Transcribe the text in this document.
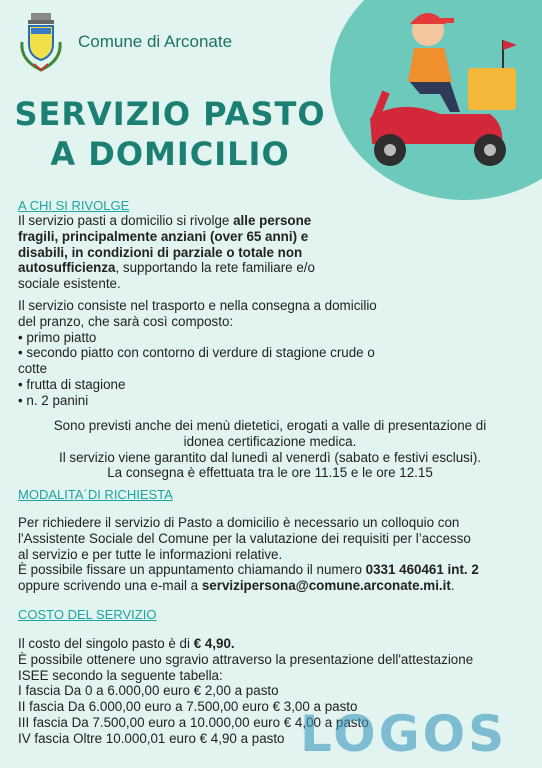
Comune di Arconate
SERVIZIO PASTO
A DOMICILIO
A CHI SI RIVOLGE
Il servizio pasti a domicilio si rivolge alle persone
fragili, principalmente anziani (over 65 anni) e
disabili, in condizioni di parziale o totale non
autosufficienza, supportando la rete familiare e/o
sociale esistente.
Il servizio consiste nel trasporto e nella consegna a domicilio
del pranzo, che sarà così composto:
• primo piatto
• secondo piatto con contorno di verdure di stagione crude o
cotte
• frutta di stagione
• n. 2 panini
Sono previsti anche dei menù dietetici, erogati a valle di presentazione di
idonea certificazione medica.
Il servizio viene garantito dal lunedì al venerdì (sabato e festivi esclusi).
La consegna è effettuata tra le ore 11.15 e le ore 12.15
MODALITA´DI RICHIESTA
Per richiedere il servizio di Pasto a domicilio è necessario un colloquio con
l'Assistente Sociale del Comune per la valutazione dei requisiti per l’accesso
al servizio e per tutte le informazioni relative.
È possibile fissare un appuntamento chiamando il numero 0331 460461 int. 2
oppure scrivendo una e-mail a servizipersona@comune.arconate.mi.it.
COSTO DEL SERVIZIO
Il costo del singolo pasto è di € 4,90.
È possibile ottenere uno sgravio attraverso la presentazione dell'attestazione
ISEE secondo la seguente tabella:
I fascia Da 0 a 6.000,00 euro € 2,00 a pasto
II fascia Da 6.000,00 euro a 7.500,00 euro € 3,00 a pasto
III fascia Da 7.500,00 euro a 10.000,00 euro € 4,00 a pasto
IV fascia Oltre 10.000,01 euro € 4,90 a pasto LOGOS
